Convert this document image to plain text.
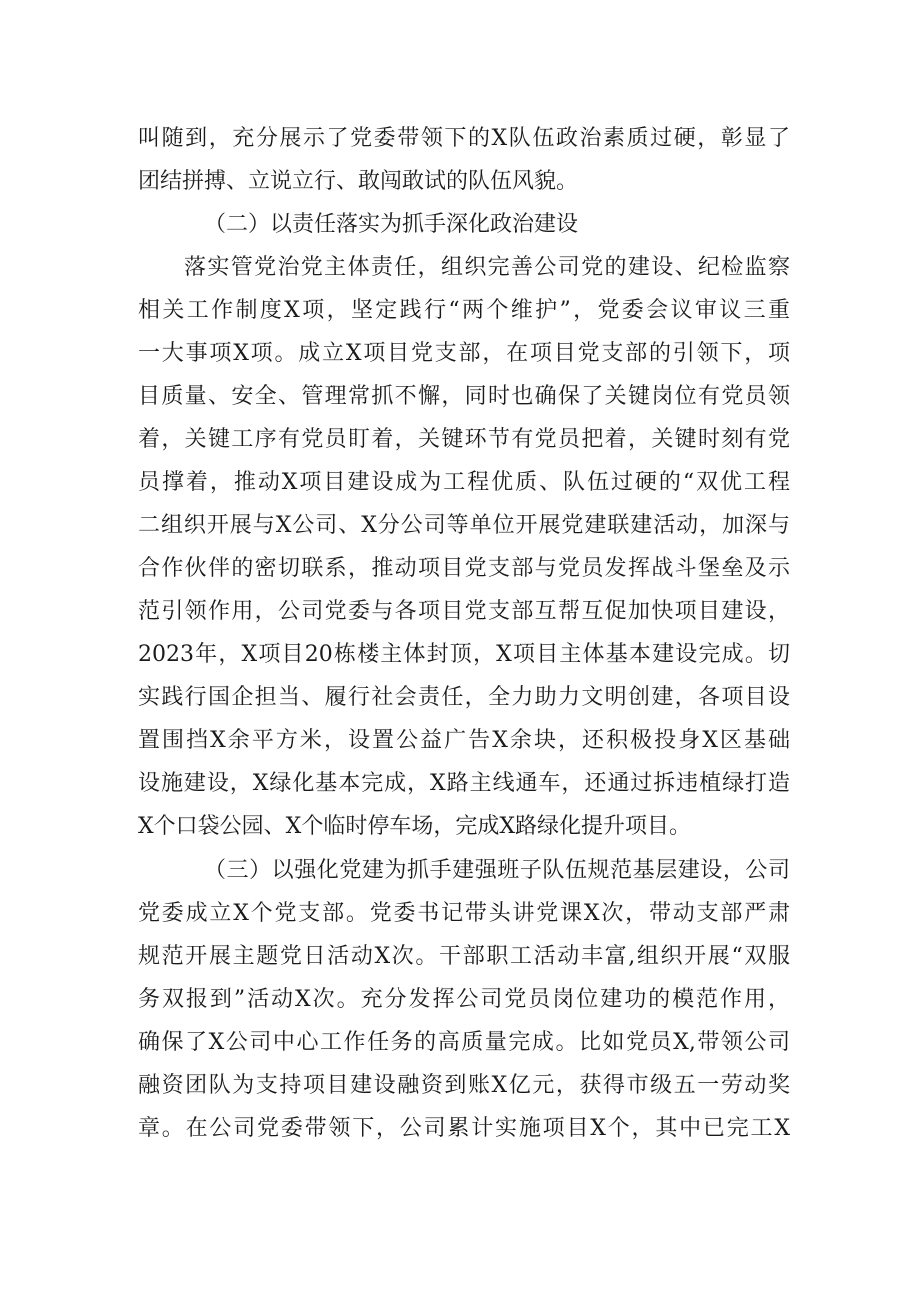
叫随到，充分展示了党委带领下的X队伍政治素质过硬，彰显了
团结拼搏、立说立行、敢闯敢试的队伍风貌。
（二）以责任落实为抓手深化政治建设
落实管党治党主体责任，组织完善公司党的建设、纪检监察
相关工作制度X项，坚定践行“两个维护”，党委会议审议三重
一大事项X项。成立X项目党支部，在项目党支部的引领下，项
目质量、安全、管理常抓不懈，同时也确保了关键岗位有党员领
着，关键工序有党员盯着，关键环节有党员把着，关键时刻有党
员撑着，推动X项目建设成为工程优质、队伍过硬的“双优工程
二组织开展与X公司、X分公司等单位开展党建联建活动，加深与
合作伙伴的密切联系，推动项目党支部与党员发挥战斗堡垒及示
范引领作用，公司党委与各项目党支部互帮互促加快项目建设，
2023年，X项目20栋楼主体封顶，X项目主体基本建设完成。切
实践行国企担当、履行社会责任，全力助力文明创建，各项目设
置围挡X余平方米，设置公益广告X余块，还积极投身X区基础
设施建设，X绿化基本完成，X路主线通车，还通过拆违植绿打造
X个口袋公园、X个临时停车场，完成X路绿化提升项目。
（三）以强化党建为抓手建强班子队伍规范基层建设，公司
党委成立X个党支部。党委书记带头讲党课X次，带动支部严肃
规范开展主题党日活动X次。干部职工活动丰富,组织开展“双服
务双报到”活动X次。充分发挥公司党员岗位建功的模范作用，
确保了X公司中心工作任务的高质量完成。比如党员X,带领公司
融资团队为支持项目建设融资到账X亿元，获得市级五一劳动奖
章。在公司党委带领下，公司累计实施项目X个，其中已完工X
